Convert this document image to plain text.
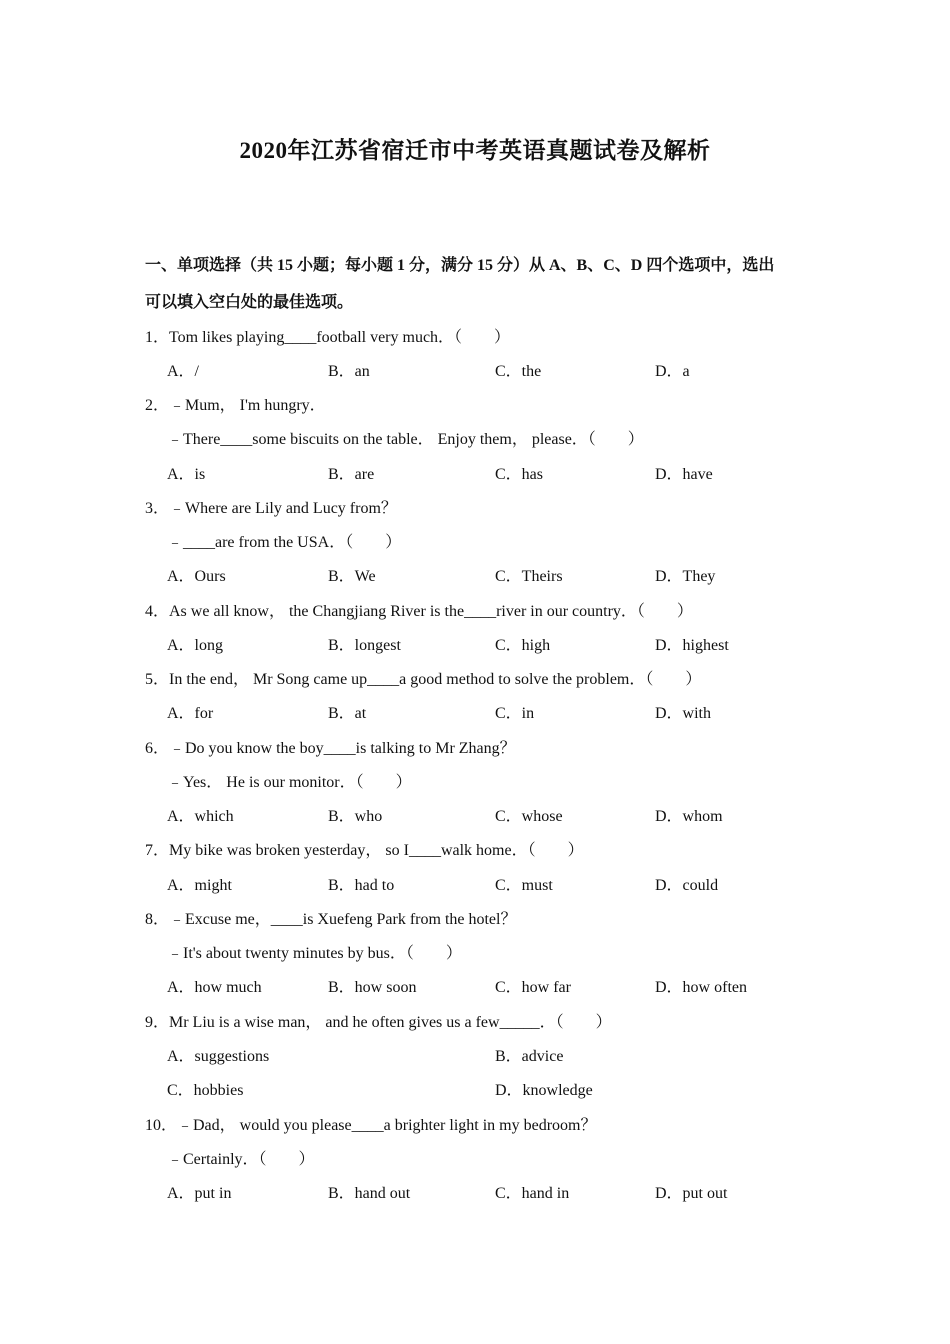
2020年江苏省宿迁市中考英语真题试卷及解析
一、单项选择（共 15 小题；每小题 1 分，满分 15 分）从 A、B、C、D 四个选项中，选出
可以填入空白处的最佳选项。
1．Tom likes playing____football very much．（　　）
A．/	B．an	C．the	D．a
2．﹣Mum， I'm hungry．
﹣There____some biscuits on the table． Enjoy them， please．（　　）
A．is	B．are	C．has	D．have
3．﹣Where are Lily and Lucy from？
﹣____are from the USA．（　　）
A．Ours	B．We	C．Theirs	D．They
4．As we all know， the Changjiang River is the____river in our country．（　　）
A．long	B．longest	C．high	D．highest
5．In the end， Mr Song came up____a good method to solve the problem．（　　）
A．for	B．at	C．in	D．with
6．﹣Do you know the boy____is talking to Mr Zhang？
﹣Yes． He is our monitor．（　　）
A．which	B．who	C．whose	D．whom
7．My bike was broken yesterday， so I____walk home．（　　）
A．might	B．had to	C．must	D．could
8．﹣Excuse me，____is Xuefeng Park from the hotel？
﹣It's about twenty minutes by bus．（　　）
A．how much	B．how soon	C．how far	D．how often
9．Mr Liu is a wise man， and he often gives us a few_____．（　　）
A．suggestions	B．advice
C．hobbies	D．knowledge
10．﹣Dad， would you please____a brighter light in my bedroom？
﹣Certainly．（　　）
A．put in	B．hand out	C．hand in	D．put out
